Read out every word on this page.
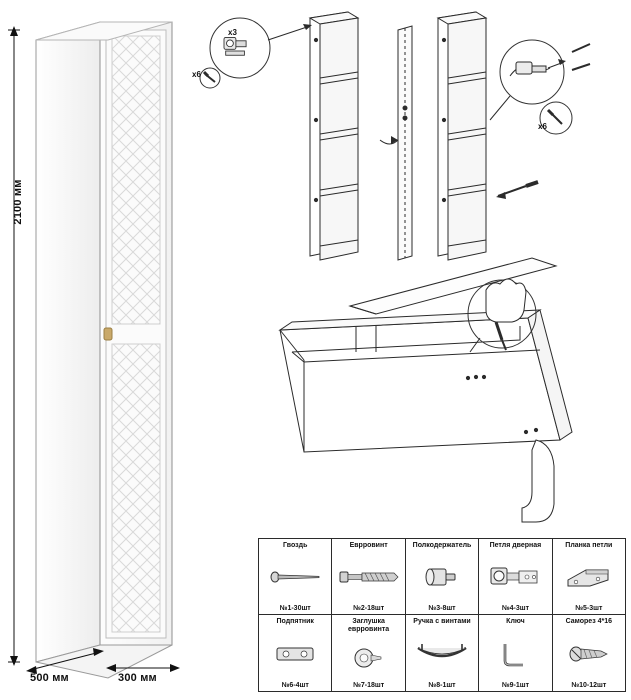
2100 мм
500 мм	300 мм
x3
x6
x6
Гвоздь
№1-30шт
Еврровинт
№2-18шт
Полкодержатель
№3-8шт
Петля дверная
№4-3шт
Планка петли
№5-3шт
Подпятник
№6-4шт
Заглушка еврровинта
№7-18шт
Ручка с винтами
№8-1шт
Ключ
№9-1шт
Саморез 4*16
№10-12шт
